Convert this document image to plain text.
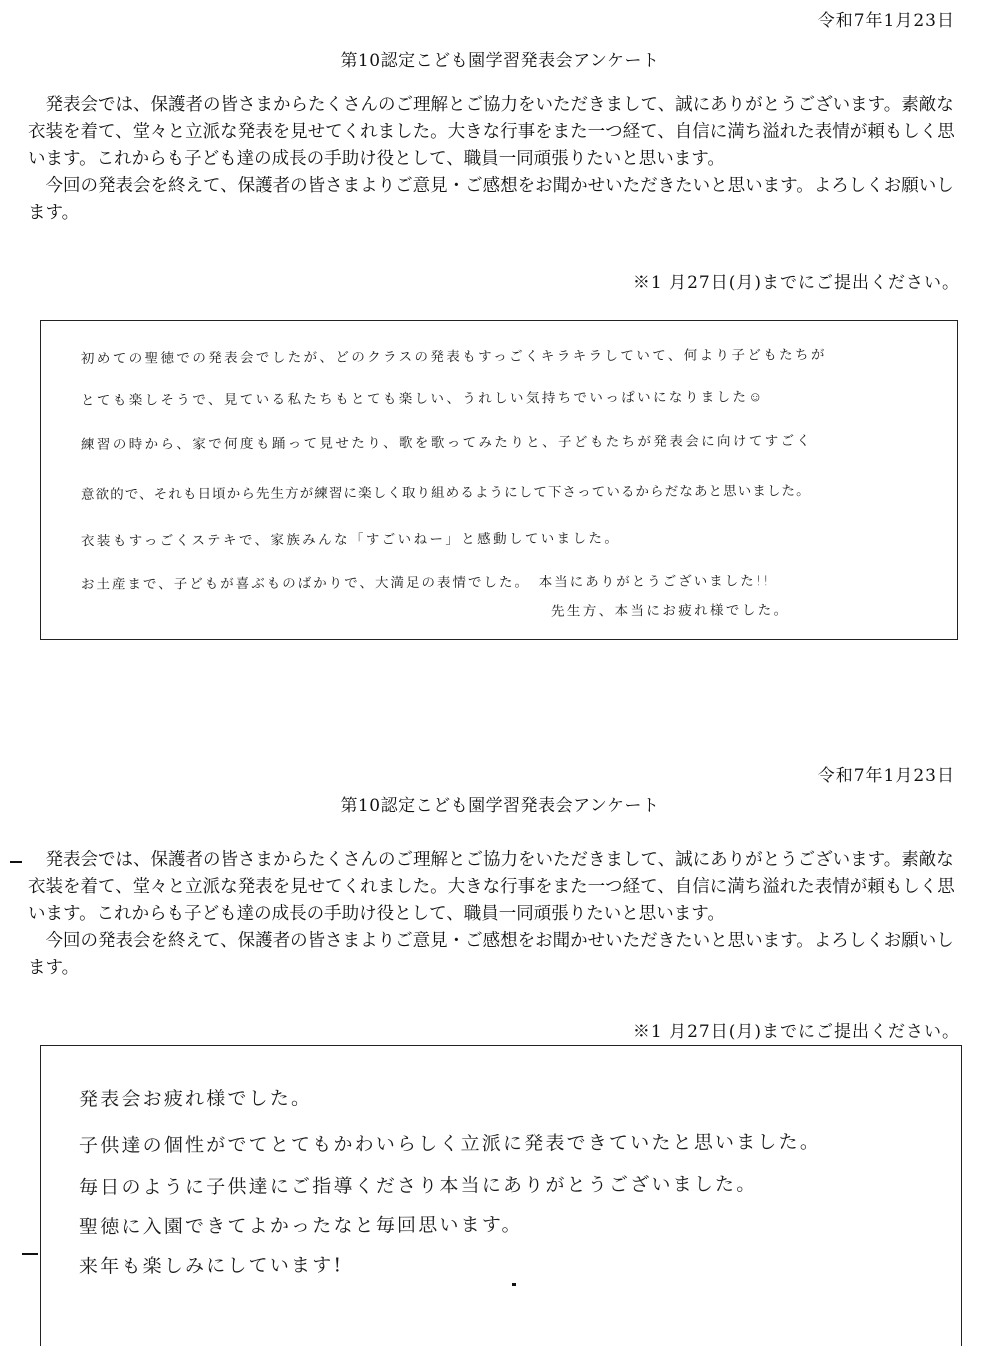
令和7年1月23日
第10認定こども園学習発表会アンケート

発表会では、保護者の皆さまからたくさんのご理解とご協力をいただきまして、誠にありがとうございます。素敵な衣装を着て、堂々と立派な発表を見せてくれました。大きな行事をまた一つ経て、自信に満ち溢れた表情が頼もしく思います。これからも子ども達の成長の手助け役として、職員一同頑張りたいと思います。

今回の発表会を終えて、保護者の皆さまよりご意見・ご感想をお聞かせいただきたいと思います。よろしくお願いします。

※1 月27日(月)までにご提出ください。
初めての聖徳での発表会でしたが、どのクラスの発表もすっごくキラキラしていて、何より子どもたちが
とても楽しそうで、見ている私たちもとても楽しい、うれしい気持ちでいっぱいになりました☺
練習の時から、家で何度も踊って見せたり、歌を歌ってみたりと、子どもたちが発表会に向けてすごく
意欲的で、それも日頃から先生方が練習に楽しく取り組めるようにして下さっているからだなあと思いました。
衣装もすっごくステキで、家族みんな「すごいねー」と感動していました。
お土産まで、子どもが喜ぶものばかりで、大満足の表情でした。　本当にありがとうございました!!
先生方、本当にお疲れ様でした。
令和7年1月23日
第10認定こども園学習発表会アンケート

発表会では、保護者の皆さまからたくさんのご理解とご協力をいただきまして、誠にありがとうございます。素敵な衣装を着て、堂々と立派な発表を見せてくれました。大きな行事をまた一つ経て、自信に満ち溢れた表情が頼もしく思います。これからも子ども達の成長の手助け役として、職員一同頑張りたいと思います。

今回の発表会を終えて、保護者の皆さまよりご意見・ご感想をお聞かせいただきたいと思います。よろしくお願いします。

※1 月27日(月)までにご提出ください。
発表会お疲れ様でした。
子供達の個性がでてとてもかわいらしく立派に発表できていたと思いました。
毎日のように子供達にご指導くださり本当にありがとうございました。
聖徳に入園できてよかったなと毎回思います。
来年も楽しみにしています!
